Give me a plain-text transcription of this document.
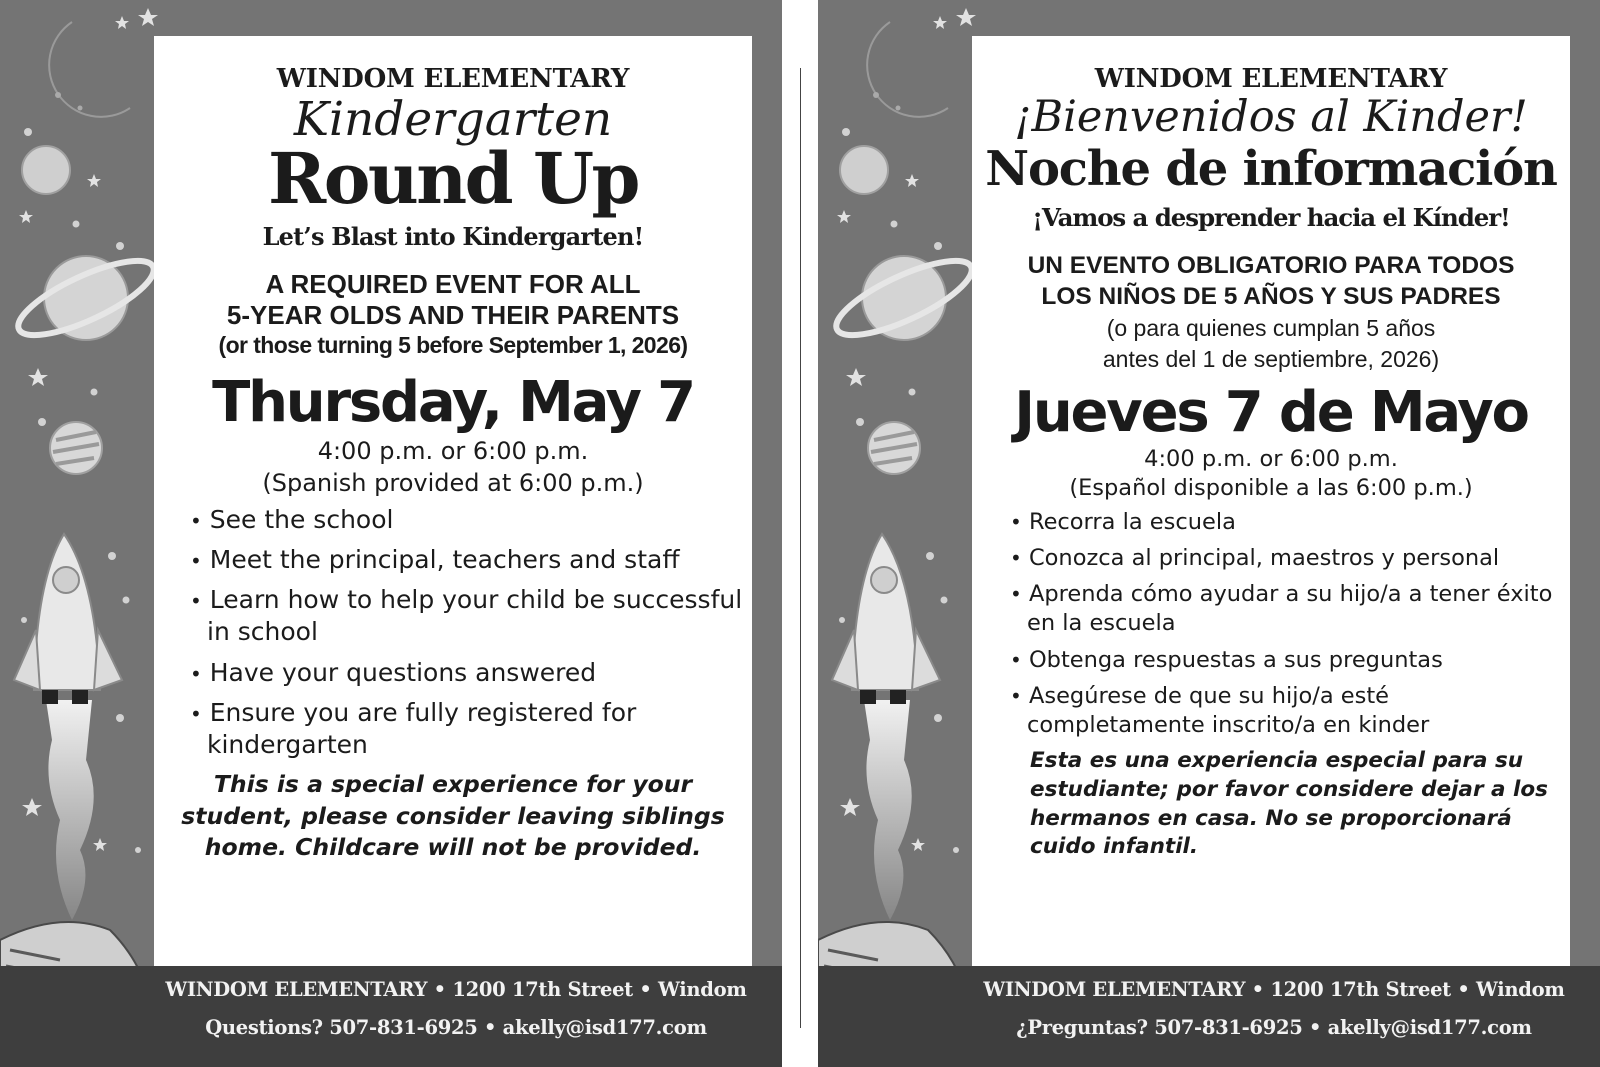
WINDOM ELEMENTARY
Kindergarten
Round Up
Let’s Blast into Kindergarten!
A REQUIRED EVENT FOR ALL
5-YEAR OLDS AND THEIR PARENTS
(or those turning 5 before September 1, 2026)
Thursday, May 7
4:00 p.m. or 6:00 p.m.
(Spanish provided at 6:00 p.m.)
• See the school
• Meet the principal, teachers and staff
• Learn how to help your child be successful in school
• Have your questions answered
• Ensure you are fully registered for kindergarten
This is a special experience for your student, please consider leaving siblings home. Childcare will not be provided.
WINDOM ELEMENTARY • 1200 17th Street • Windom
Questions? 507-831-6925 • akelly@isd177.com
WINDOM ELEMENTARY
¡Bienvenidos al Kinder!
Noche de información
¡Vamos a desprender hacia el Kínder!
UN EVENTO OBLIGATORIO PARA TODOS
LOS NIÑOS DE 5 AÑOS Y SUS PADRES
(o para quienes cumplan 5 años
antes del 1 de septiembre, 2026)
Jueves 7 de Mayo
4:00 p.m. or 6:00 p.m.
(Español disponible a las 6:00 p.m.)
• Recorra la escuela
• Conozca al principal, maestros y personal
• Aprenda cómo ayudar a su hijo/a a tener éxito en la escuela
• Obtenga respuestas a sus preguntas
• Asegúrese de que su hijo/a esté completamente inscrito/a en kinder
Esta es una experiencia especial para su estudiante; por favor considere dejar a los hermanos en casa. No se proporcionará cuido infantil.
WINDOM ELEMENTARY • 1200 17th Street • Windom
¿Preguntas? 507-831-6925 • akelly@isd177.com
